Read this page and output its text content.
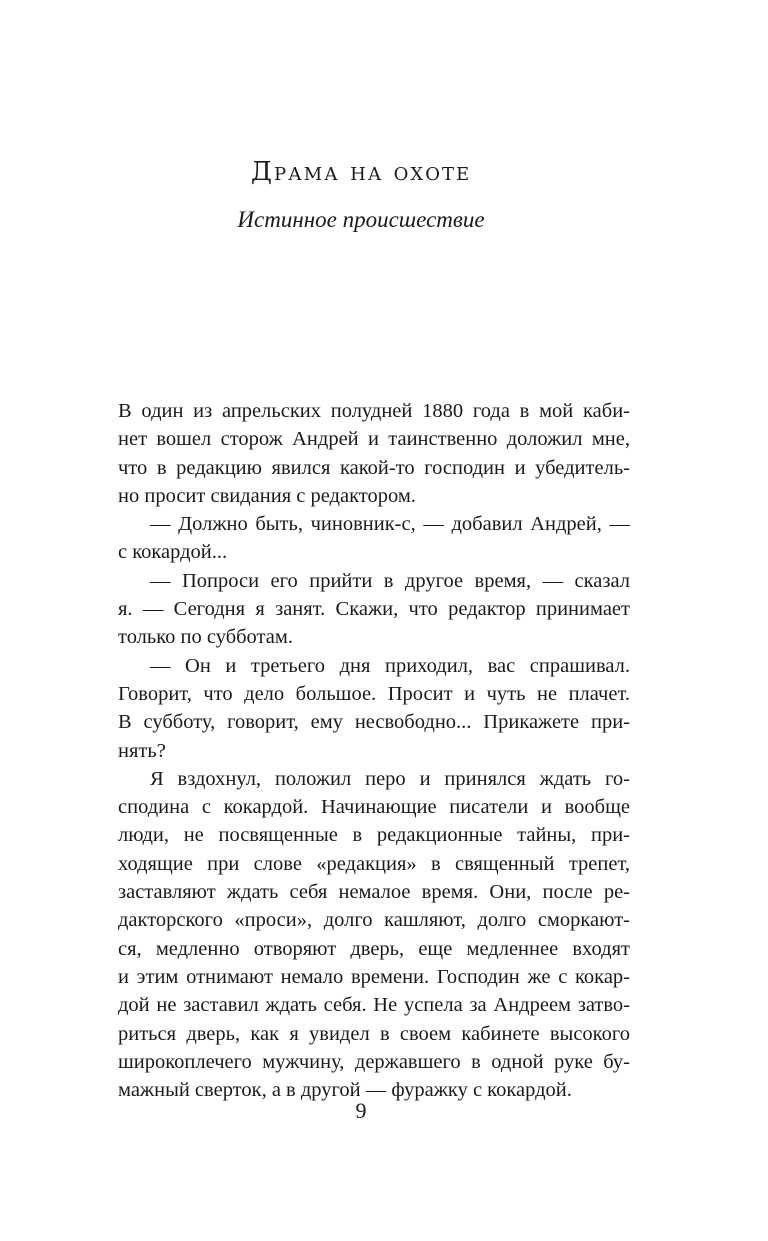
Драма на охоте
Истинное происшествие
В один из апрельских полудней 1880 года в мой каби-
нет вошел сторож Андрей и таинственно доложил мне,
что в редакцию явился какой-то господин и убедитель-
но просит свидания с редактором.
— Должно быть, чиновник-с, — добавил Андрей, —
с кокардой...
— Попроси его прийти в другое время, — сказал
я. — Сегодня я занят. Скажи, что редактор принимает
только по субботам.
— Он и третьего дня приходил, вас спрашивал.
Говорит, что дело большое. Просит и чуть не плачет.
В субботу, говорит, ему несвободно... Прикажете при-
нять?
Я вздохнул, положил перо и принялся ждать го-
сподина с кокардой. Начинающие писатели и вообще
люди, не посвященные в редакционные тайны, при-
ходящие при слове «редакция» в священный трепет,
заставляют ждать себя немалое время. Они, после ре-
дакторского «проси», долго кашляют, долго сморкают-
ся, медленно отворяют дверь, еще медленнее входят
и этим отнимают немало времени. Господин же с кокар-
дой не заставил ждать себя. Не успела за Андреем затво-
риться дверь, как я увидел в своем кабинете высокого
широкоплечего мужчину, державшего в одной руке бу-
мажный сверток, а в другой — фуражку с кокардой.
9
